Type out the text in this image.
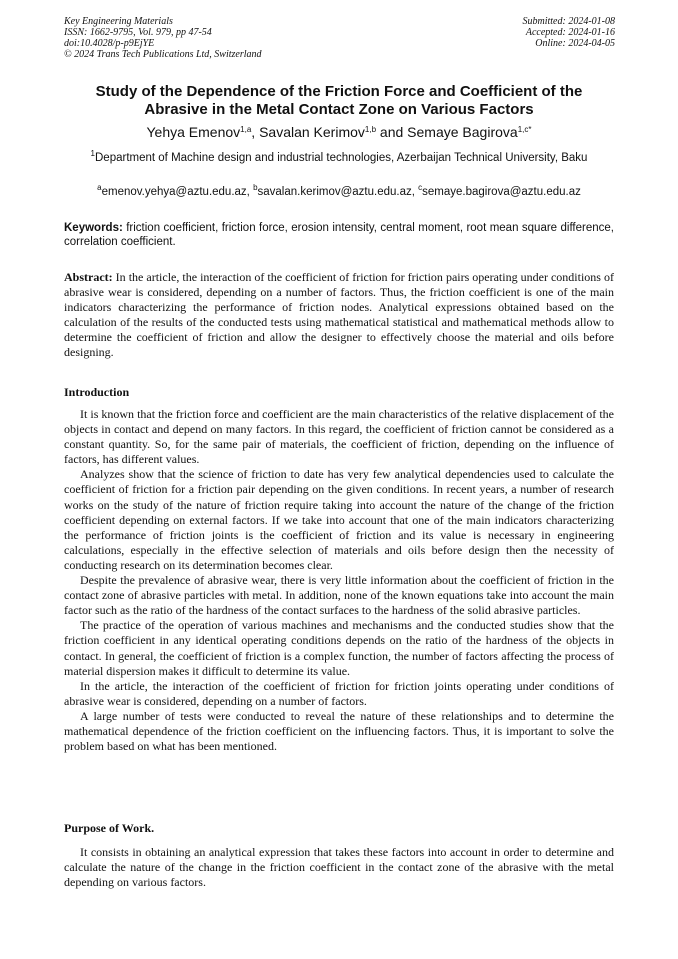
Key Engineering Materials
ISSN: 1662-9795, Vol. 979, pp 47-54
doi:10.4028/p-p9EjYE
© 2024 Trans Tech Publications Ltd, Switzerland
Submitted: 2024-01-08
Accepted: 2024-01-16
Online: 2024-04-05
Study of the Dependence of the Friction Force and Coefficient of the Abrasive in the Metal Contact Zone on Various Factors
Yehya Emenov$^{1,a}$, Savalan Kerimov$^{1,b}$ and Semaye Bagirova$^{1,c*}$
$^1$Department of Machine design and industrial technologies, Azerbaijan Technical University, Baku
$^a$emenov.yehya@aztu.edu.az, $^b$savalan.kerimov@aztu.edu.az, $^c$semaye.bagirova@aztu.edu.az
Keywords: friction coefficient, friction force, erosion intensity, central moment, root mean square difference, correlation coefficient.
Abstract: In the article, the interaction of the coefficient of friction for friction pairs operating under conditions of abrasive wear is considered, depending on a number of factors. Thus, the friction coefficient is one of the main indicators characterizing the performance of friction nodes. Analytical expressions obtained based on the calculation of the results of the conducted tests using mathematical statistical and mathematical methods allow to determine the coefficient of friction and allow the designer to effectively choose the material and oils before designing.
Introduction

It is known that the friction force and coefficient are the main characteristics of the relative displacement of the objects in contact and depend on many factors. In this regard, the coefficient of friction cannot be considered as a constant quantity. So, for the same pair of materials, the coefficient of friction, depending on the influence of factors, has different values.

Analyzes show that the science of friction to date has very few analytical dependencies used to calculate the coefficient of friction for a friction pair depending on the given conditions. In recent years, a number of research works on the study of the nature of friction require taking into account the nature of the change of the friction coefficient depending on external factors. If we take into account that one of the main indicators characterizing the performance of friction joints is the coefficient of friction and its value is necessary in engineering calculations, especially in the effective selection of materials and oils before design then the necessity of conducting research on its determination becomes clear.

Despite the prevalence of abrasive wear, there is very little information about the coefficient of friction in the contact zone of abrasive particles with metal. In addition, none of the known equations take into account the main factor such as the ratio of the hardness of the contact surfaces to the hardness of the solid abrasive particles.

The practice of the operation of various machines and mechanisms and the conducted studies show that the friction coefficient in any identical operating conditions depends on the ratio of the hardness of the objects in contact. In general, the coefficient of friction is a complex function, the number of factors affecting the process of material dispersion makes it difficult to determine its value.

In the article, the interaction of the coefficient of friction for friction joints operating under conditions of abrasive wear is considered, depending on a number of factors.

A large number of tests were conducted to reveal the nature of these relationships and to determine the mathematical dependence of the friction coefficient on the influencing factors. Thus, it is important to solve the problem based on what has been mentioned.

Purpose of Work.

It consists in obtaining an analytical expression that takes these factors into account in order to determine and calculate the nature of the change in the friction coefficient in the contact zone of the abrasive with the metal depending on various factors.
